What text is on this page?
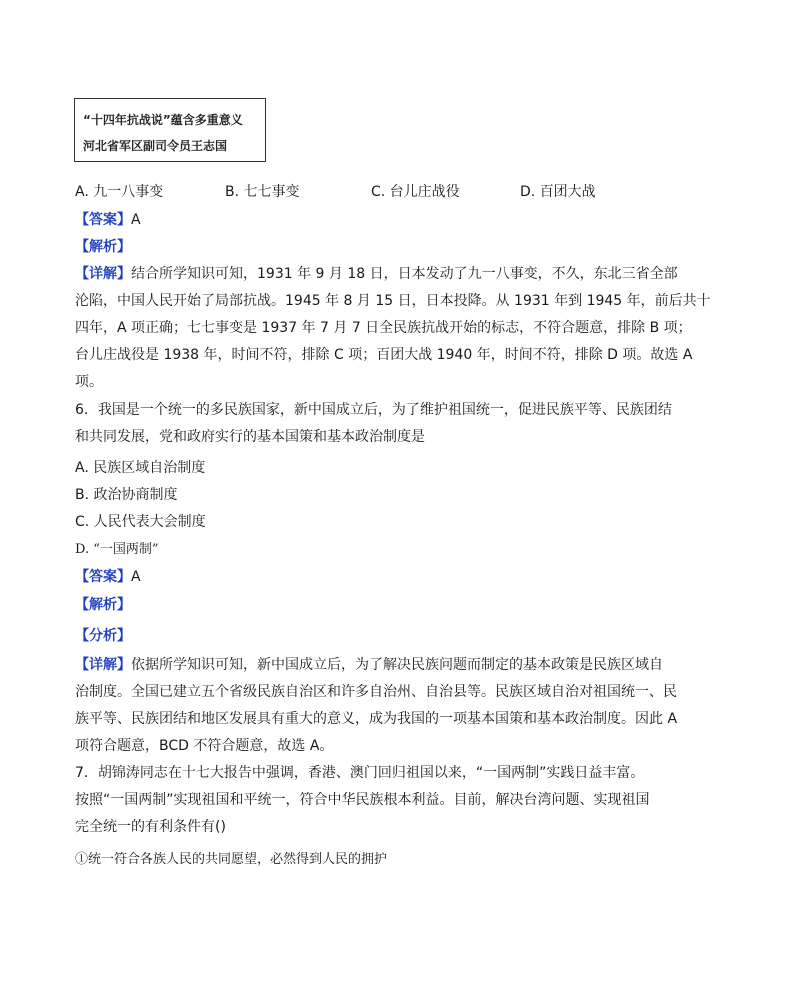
“十四年抗战说”蕴含多重意义
河北省军区副司令员王志国
A. 九一八事变	B. 七七事变	C. 台儿庄战役	D. 百团大战
【答案】A
【解析】
【详解】结合所学知识可知，1931 年 9 月 18 日，日本发动了九一八事变，不久，东北三省全部
沦陷，中国人民开始了局部抗战。1945 年 8 月 15 日，日本投降。从 1931 年到 1945 年，前后共十
四年，A 项正确；七七事变是 1937 年 7 月 7 日全民族抗战开始的标志，不符合题意，排除 B 项；
台儿庄战役是 1938 年，时间不符，排除 C 项；百团大战 1940 年，时间不符，排除 D 项。故选 A
项。
6．我国是一个统一的多民族国家，新中国成立后，为了维护祖国统一，促进民族平等、民族团结
和共同发展，党和政府实行的基本国策和基本政治制度是
A. 民族区域自治制度
B. 政治协商制度
C. 人民代表大会制度
D. “一国两制”
【答案】A
【解析】
【分析】
【详解】依据所学知识可知，新中国成立后，为了解决民族问题而制定的基本政策是民族区域自
治制度。全国已建立五个省级民族自治区和许多自治州、自治县等。民族区域自治对祖国统一、民
族平等、民族团结和地区发展具有重大的意义，成为我国的一项基本国策和基本政治制度。因此 A
项符合题意，BCD 不符合题意，故选 A。
7．胡锦涛同志在十七大报告中强调，香港、澳门回归祖国以来，“一国两制”实践日益丰富。
按照“一国两制”实现祖国和平统一，符合中华民族根本利益。目前，解决台湾问题、实现祖国
完全统一的有利条件有()
①统一符合各族人民的共同愿望，必然得到人民的拥护
